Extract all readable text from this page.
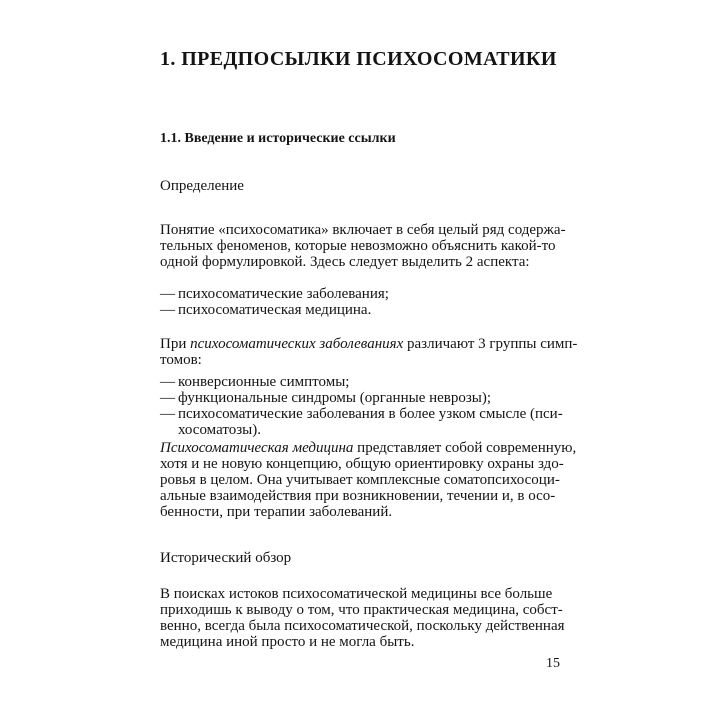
1. ПРЕДПОСЫЛКИ ПСИХОСОМАТИКИ
1.1. Введение и исторические ссылки

Определение

Понятие «психосоматика» включает в себя целый ряд содержа-
тельных феноменов, которые невозможно объяснить какой-то
одной формулировкой. Здесь следует выделить 2 аспекта:

— психосоматические заболевания;
— психосоматическая медицина.

При психосоматических заболеваниях различают 3 группы симп-
томов:

— конверсионные симптомы;
— функциональные синдромы (органные неврозы);
— психосоматические заболевания в более узком смысле (пси-
хосоматозы).

Психосоматическая медицина представляет собой современную,
хотя и не новую концепцию, общую ориентировку охраны здо-
ровья в целом. Она учитывает комплексные соматопсихосоци-
альные взаимодействия при возникновении, течении и, в осо-
бенности, при терапии заболеваний.

Исторический обзор

В поисках истоков психосоматической медицины все больше
приходишь к выводу о том, что практическая медицина, собст-
венно, всегда была психосоматической, поскольку действенная
медицина иной просто и не могла быть.

15
